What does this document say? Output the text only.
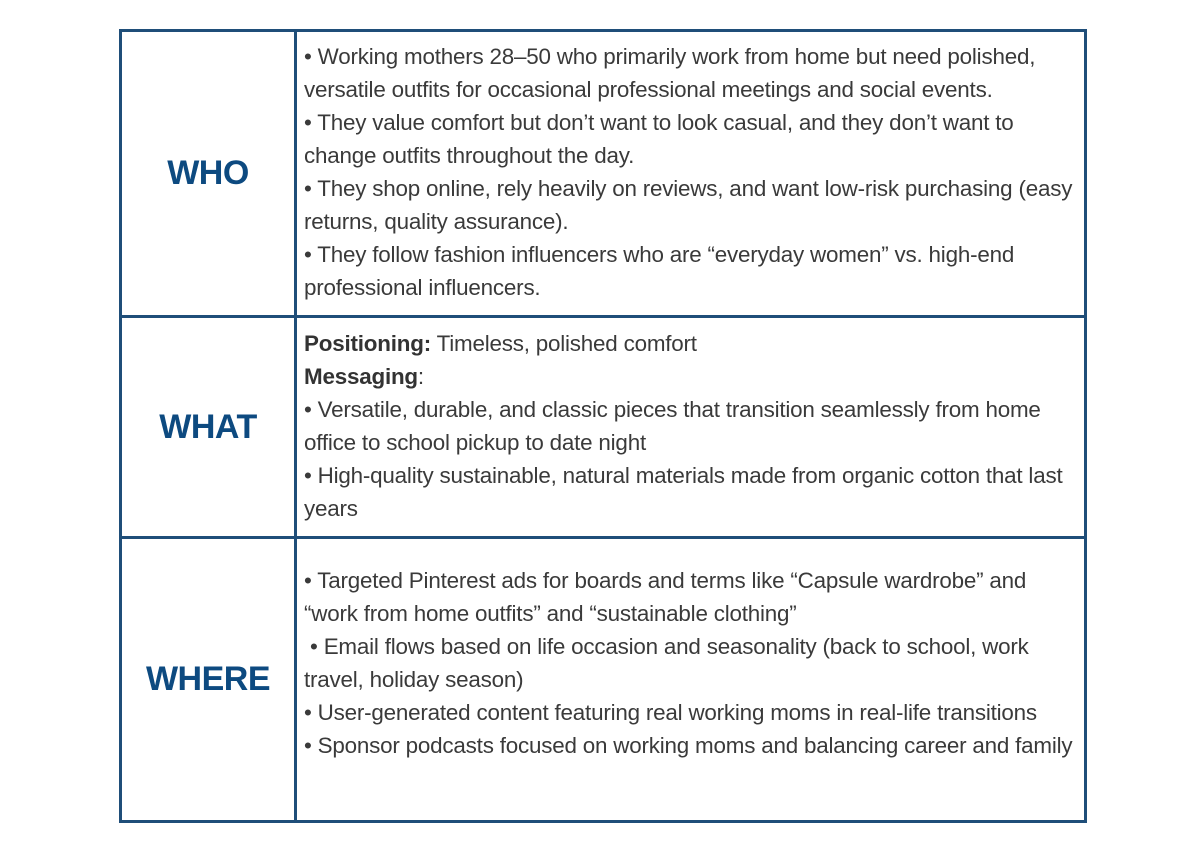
WHO

• Working mothers 28–50 who primarily work from home but need polished, versatile outfits for occasional professional meetings and social events.

• They value comfort but don’t want to look casual, and they don’t want to change outfits throughout the day.

• They shop online, rely heavily on reviews, and want low-risk purchasing (easy returns, quality assurance).

• They follow fashion influencers who are “everyday women” vs. high-end professional influencers.

WHAT

Positioning: Timeless, polished comfort

Messaging:

• Versatile, durable, and classic pieces that transition seamlessly from home office to school pickup to date night

• High-quality sustainable, natural materials made from organic cotton that last years

WHERE

• Targeted Pinterest ads for boards and terms like “Capsule wardrobe” and “work from home outfits” and “sustainable clothing”

• Email flows based on life occasion and seasonality (back to school, work travel, holiday season)

• User-generated content featuring real working moms in real-life transitions

• Sponsor podcasts focused on working moms and balancing career and family
